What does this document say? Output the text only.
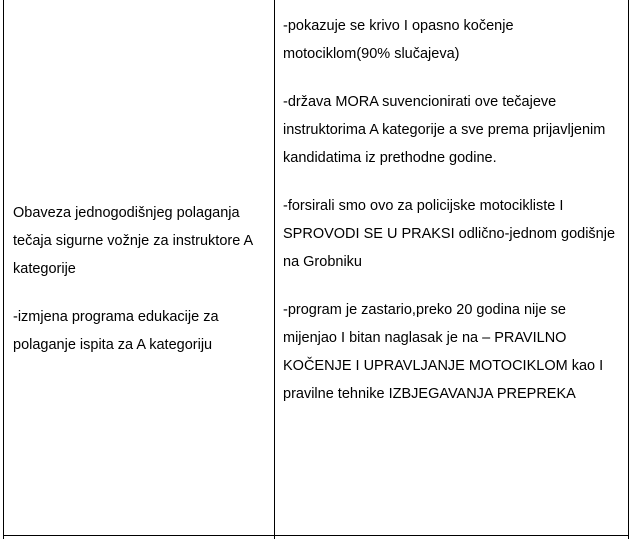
Obaveza jednogodišnjeg polaganja tečaja sigurne vožnje za instruktore A kategorije

-izmjena programa edukacije za polaganje ispita za A kategoriju

-pokazuje se krivo I opasno kočenje motociklom(90% slučajeva)

-država MORA suvencionirati ove tečajeve instruktorima A kategorije a sve prema prijavljenim kandidatima iz prethodne godine.

-forsirali smo ovo za policijske motocikliste I SPROVODI SE U PRAKSI odlično-jednom godišnje na Grobniku

-program je zastario,preko 20 godina nije se mijenjao I bitan naglasak je na – PRAVILNO KOČENJE I UPRAVLJANJE MOTOCIKLOM kao I pravilne tehnike IZBJEGAVANJA PREPREKA
